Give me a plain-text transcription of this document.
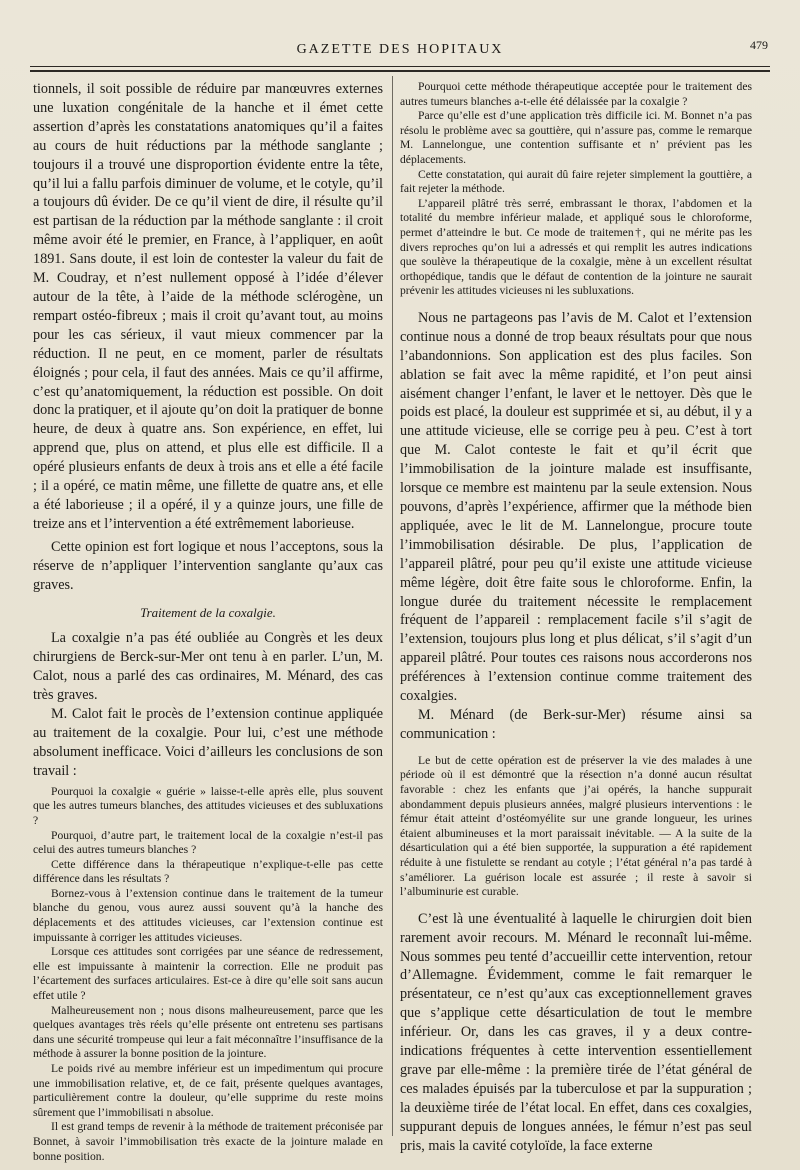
GAZETTE DES HOPITAUX	479

tionnels, il soit possible de réduire par manœuvres externes une luxation congénitale de la hanche et il émet cette assertion d’après les constatations anatomiques qu’il a faites au cours de huit réductions par la méthode sanglante ; toujours il a trouvé une disproportion évidente entre la tête, qu’il lui a fallu parfois diminuer de volume, et le cotyle, qu’il a toujours dû évider. De ce qu’il vient de dire, il résulte qu’il est partisan de la réduction par la méthode sanglante : il croit même avoir été le premier, en France, à l’appliquer, en août 1891. Sans doute, il est loin de contester la valeur du fait de M. Coudray, et n’est nullement opposé à l’idée d’élever autour de la tête, à l’aide de la méthode sclérogène, un rempart ostéo-fibreux ; mais il croit qu’avant tout, au moins pour les cas sérieux, il vaut mieux commencer par la réduction. Il ne peut, en ce moment, parler de résultats éloignés ; pour cela, il faut des années. Mais ce qu’il affirme, c’est qu’anatomiquement, la réduction est possible. On doit donc la pratiquer, et il ajoute qu’on doit la pratiquer de bonne heure, de deux à quatre ans. Son expérience, en effet, lui apprend que, plus on attend, et plus elle est difficile. Il a opéré plusieurs enfants de deux à trois ans et elle a été facile ; il a opéré, ce matin même, une fillette de quatre ans, et elle a été laborieuse ; il a opéré, il y a quinze jours, une fille de treize ans et l’intervention a été extrêmement laborieuse.

Cette opinion est fort logique et nous l’acceptons, sous la réserve de n’appliquer l’intervention sanglante qu’aux cas graves.

Traitement de la coxalgie.

La coxalgie n’a pas été oubliée au Congrès et les deux chirurgiens de Berck-sur-Mer ont tenu à en parler. L’un, M. Calot, nous a parlé des cas ordinaires, M. Ménard, des cas très graves.

M. Calot fait le procès de l’extension continue appliquée au traitement de la coxalgie. Pour lui, c’est une méthode absolument inefficace. Voici d’ailleurs les conclusions de son travail :

Pourquoi la coxalgie « guérie » laisse-t-elle après elle, plus souvent que les autres tumeurs blanches, des attitudes vicieuses et des subluxations ?

Pourquoi, d’autre part, le traitement local de la coxalgie n’est-il pas celui des autres tumeurs blanches ?

Cette différence dans la thérapeutique n’explique-t-elle pas cette différence dans les résultats ?

Bornez-vous à l’extension continue dans le traitement de la tumeur blanche du genou, vous aurez aussi souvent qu’à la hanche des déplacements et des attitudes vicieuses, car l’extension continue est impuissante à corriger les attitudes vicieuses.

Lorsque ces attitudes sont corrigées par une séance de redressement, elle est impuissante à maintenir la correction. Elle ne produit pas l’écartement des surfaces articulaires. Est-ce à dire qu’elle soit sans aucun effet utile ?

Malheureusement non ; nous disons malheureusement, parce que les quelques avantages très réels qu’elle présente ont entretenu ses partisans dans une sécurité trompeuse qui leur a fait méconnaître l’insuffisance de la méthode à assurer la bonne position de la jointure.

Le poids rivé au membre inférieur est un impedimentum qui procure une immobilisation relative, et, de ce fait, présente quelques avantages, particulièrement contre la douleur, qu’elle supprime du reste moins sûrement que l’immobilisati n absolue.

Il est grand temps de revenir à la méthode de traitement préconisée par Bonnet, à savoir l’immobilisation très exacte de la jointure malade en bonne position.

Pourquoi cette méthode thérapeutique acceptée pour le traitement des autres tumeurs blanches a-t-elle été délaissée par la coxalgie ?

Parce qu’elle est d’une application très difficile ici. M. Bonnet n’a pas résolu le problème avec sa gouttière, qui n’assure pas, comme le remarque M. Lannelongue, une contention suffisante et n’ prévient pas les déplacements.

Cette constatation, qui aurait dû faire rejeter simplement la gouttière, a fait rejeter la méthode.

L’appareil plâtré très serré, embrassant le thorax, l’abdomen et la totalité du membre inférieur malade, et appliqué sous le chloroforme, permet d’atteindre le but. Ce mode de traitemen†, qui ne mérite pas les divers reproches qu’on lui a adressés et qui remplit les autres indications que soulève la thérapeutique de la coxalgie, mène à un excellent résultat orthopédique, tandis que le défaut de contention de la jointure ne saurait prévenir les attitudes vicieuses ni les subluxations.

Nous ne partageons pas l’avis de M. Calot et l’extension continue nous a donné de trop beaux résultats pour que nous l’abandonnions. Son application est des plus faciles. Son ablation se fait avec la même rapidité, et l’on peut ainsi aisément changer l’enfant, le laver et le nettoyer. Dès que le poids est placé, la douleur est supprimée et si, au début, il y a une attitude vicieuse, elle se corrige peu à peu. C’est à tort que M. Calot conteste le fait et qu’il écrit que l’immobilisation de la jointure malade est insuffisante, lorsque ce membre est maintenu par la seule extension. Nous pouvons, d’après l’expérience, affirmer que la méthode bien appliquée, avec le lit de M. Lannelongue, procure toute l’immobilisation désirable. De plus, l’application de l’appareil plâtré, pour peu qu’il existe une attitude vicieuse même légère, doit être faite sous le chloroforme. Enfin, la longue durée du traitement nécessite le remplacement fréquent de l’appareil : remplacement facile s’il s’agit de l’extension, toujours plus long et plus délicat, s’il s’agit d’un appareil plâtré. Pour toutes ces raisons nous accorderons nos préférences à l’extension continue comme traitement des coxalgies.

M. Ménard (de Berk-sur-Mer) résume ainsi sa communication :

Le but de cette opération est de préserver la vie des malades à une période où il est démontré que la résection n’a donné aucun résultat favorable : chez les enfants que j’ai opérés, la hanche suppurait abondamment depuis plusieurs années, malgré plusieurs interventions : le fémur était atteint d’ostéomyélite sur une grande longueur, les urines étaient albumineuses et la mort paraissait inévitable. — A la suite de la désarticulation qui a été bien supportée, la suppuration a été rapidement réduite à une fistulette se rendant au cotyle ; l’état général n’a pas tardé à s’améliorer. La guérison locale est assurée ; il reste à savoir si l’albuminurie est curable.

C’est là une éventualité à laquelle le chirurgien doit bien rarement avoir recours. M. Ménard le reconnaît lui-même. Nous sommes peu tenté d’accueillir cette intervention, retour d’Allemagne. Évidemment, comme le fait remarquer le présentateur, ce n’est qu’aux cas exceptionnellement graves que s’applique cette désarticulation de tout le membre inférieur. Or, dans les cas graves, il y a deux contre-indications fréquentes à cette intervention essentiellement grave par elle-même : la première tirée de l’état général de ces malades épuisés par la tuberculose et par la suppuration ; la deuxième tirée de l’état local. En effet, dans ces coxalgies, suppurant depuis de longues années, le fémur n’est pas seul pris, mais la cavité cotyloïde, la face externe
